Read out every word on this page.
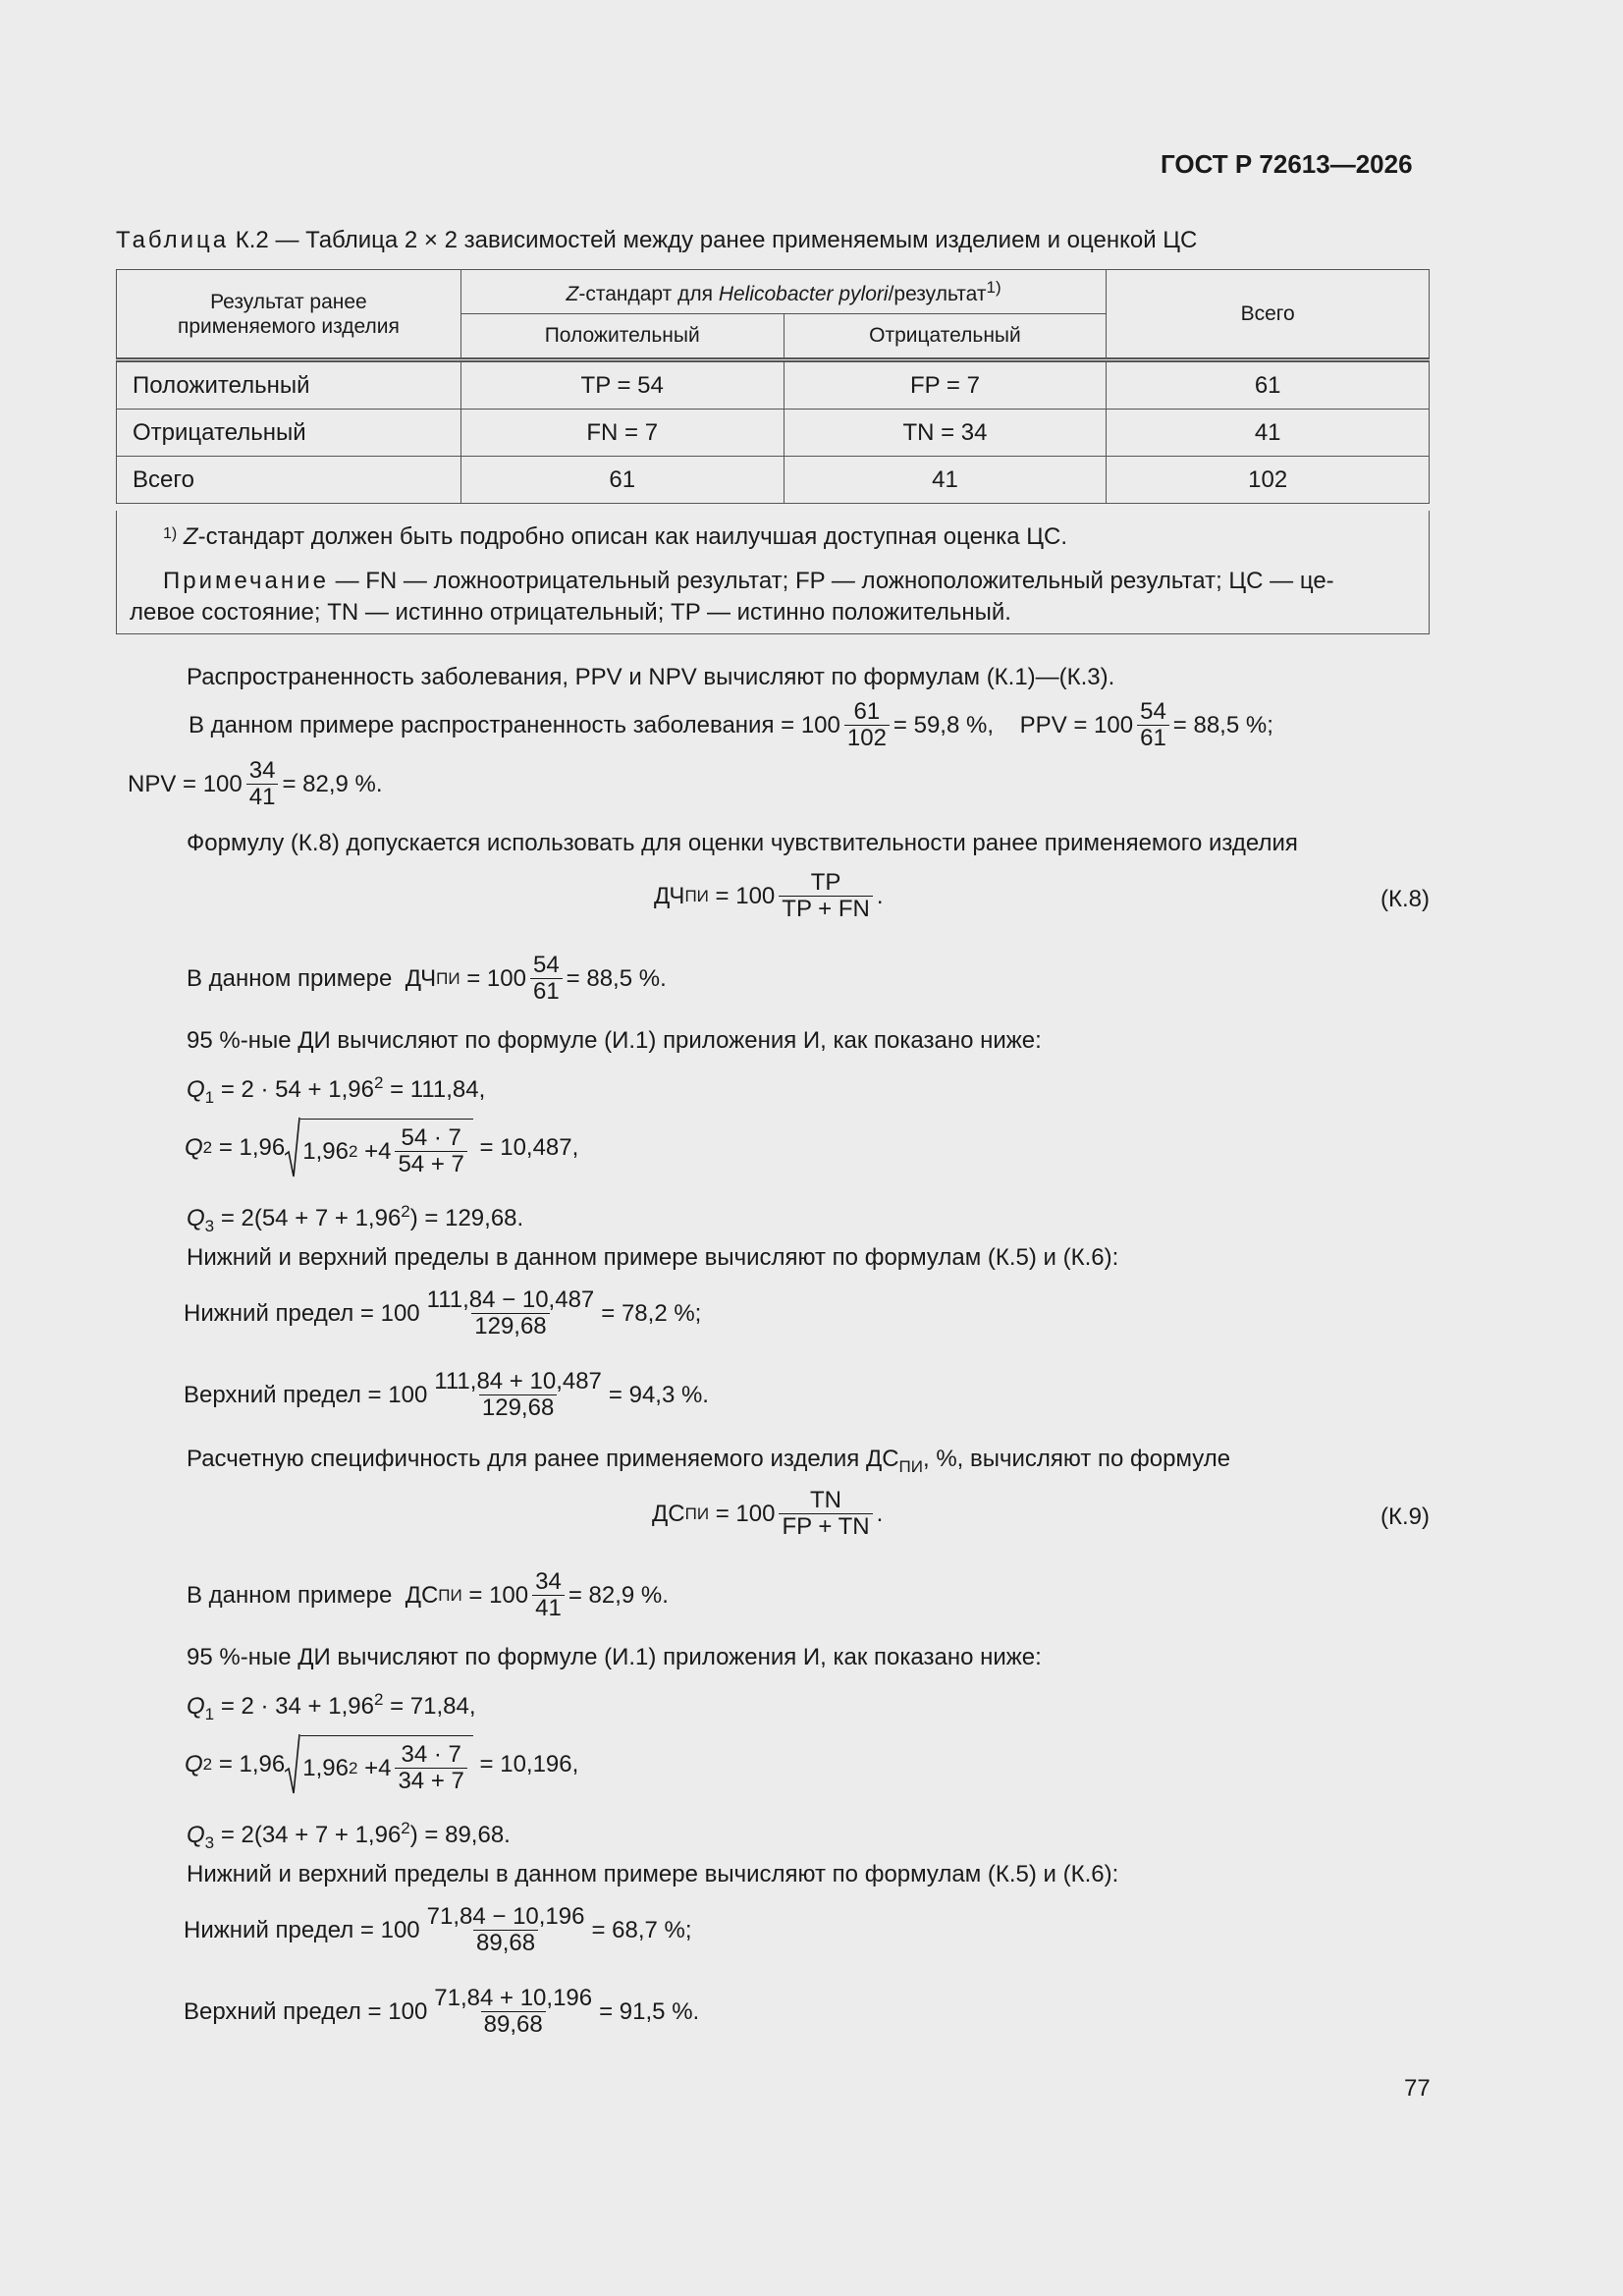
ГОСТ Р 72613—2026
Таблица К.2 — Таблица 2 × 2 зависимостей между ранее применяемым изделием и оценкой ЦС
Результат ранее применяемого изделия	Z-стандарт для Helicobacter pylori/результат$^{1)}$		Всего
	Положительный	Отрицательный	
Положительный	TP = 54	FP = 7	61
Отрицательный	FN = 7	TN = 34	41
Всего	61	41	102
$^{1)}$ Z-стандарт должен быть подробно описан как наилучшая доступная оценка ЦС.
Примечание — FN — ложноотрицательный результат; FP — ложноположительный результат; ЦС — це-
левое состояние; TN — истинно отрицательный; TP — истинно положительный.
Распространенность заболевания, PPV и NPV вычисляют по формулам (К.1)—(К.3).
В данном примере распространенность заболевания
= $100 \frac{61}{102} = 59,8$ %,
PPV = $100 \frac{54}{61} = 88,5$ %;
NPV = $100 \frac{34}{41} = 82,9$ %.
Формулу (К.8) допускается использовать для оценки чувствительности ранее применяемого изделия
ДЧ ПИ
= $100 \frac{TP}{TP + FN}$ .	(К.8)
В данном примере
ДЧ ПИ
= $100 \frac{54}{61} = 88,5$ %.
95 %-ные ДИ вычисляют по формуле (И.1) приложения И, как показано ниже:
$Q_1 = 2 \cdot 54 + 1,96^2 = 111,84$,
Q 2
= 1,96 1,96 2
$+4 \frac{54 \cdot 7}{54 + 7}$
= 10,487,
$Q_3 = 2(54 + 7 + 1,96^2) = 129,68$.
Нижний и верхний пределы в данном примере вычисляют по формулам (К.5) и (К.6):
Нижний предел = $100 \frac{111,84 - 10,487}{129,68} = 78,2$ %;
Верхний предел = $100 \frac{111,84 + 10,487}{129,68} = 94,3$ %.
Расчетную специфичность для ранее применяемого изделия $ДС_{ПИ}$, %, вычисляют по формуле
ДС ПИ
= $100 \frac{TN}{FP + TN}$ .	(К.9)
В данном примере
ДС ПИ
= $100 \frac{34}{41} = 82,9$ %.
95 %-ные ДИ вычисляют по формуле (И.1) приложения И, как показано ниже:
$Q_1 = 2 \cdot 34 + 1,96^2 = 71,84$,
Q 2
= 1,96 1,96 2
$+4 \frac{34 \cdot 7}{34 + 7}$
= 10,196,
$Q_3 = 2(34 + 7 + 1,96^2) = 89,68$.
Нижний и верхний пределы в данном примере вычисляют по формулам (К.5) и (К.6):
Нижний предел = $100 \frac{71,84 - 10,196}{89,68} = 68,7$ %;
Верхний предел = $100 \frac{71,84 + 10,196}{89,68} = 91,5$ %.
77
